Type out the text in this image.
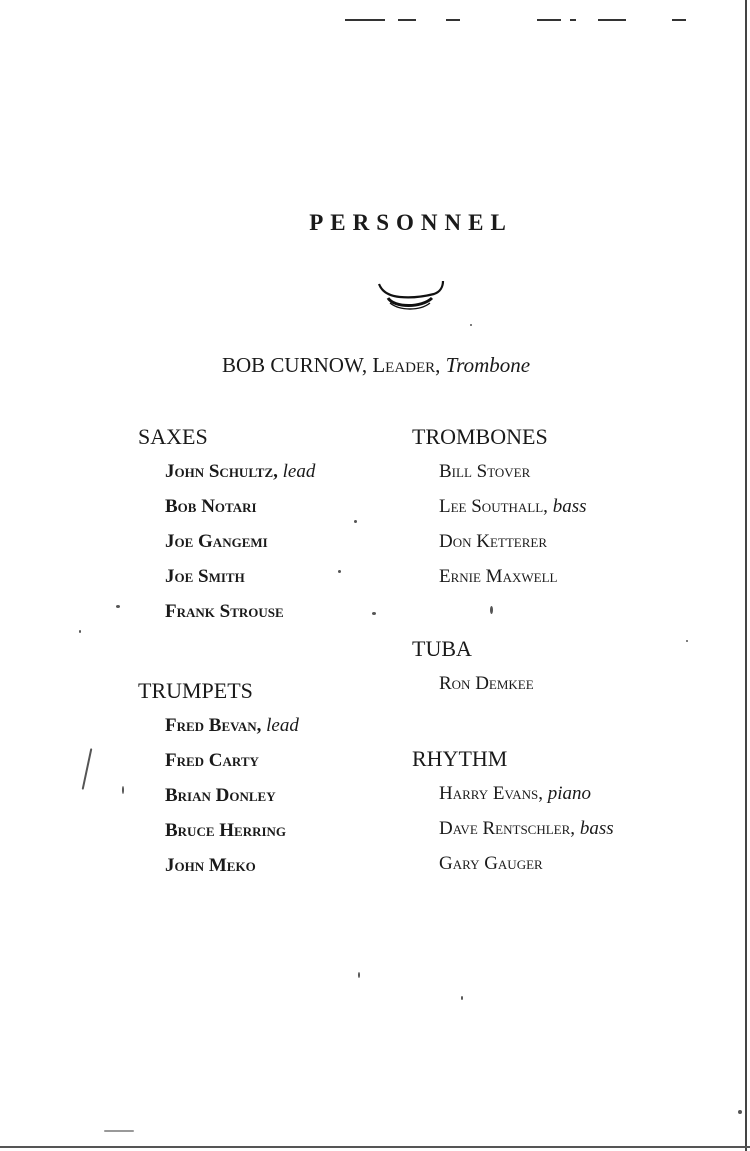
PERSONNEL
BOB CURNOW, Leader, Trombone
SAXES
John Schultz, lead
Bob Notari
Joe Gangemi
Joe Smith
Frank Strouse
TRUMPETS
Fred Bevan, lead
Fred Carty
Brian Donley
Bruce Herring
John Meko
TROMBONES
Bill Stover
Lee Southall, bass
Don Ketterer
Ernie Maxwell
TUBA
Ron Demkee
RHYTHM
Harry Evans, piano
Dave Rentschler, bass
Gary Gauger
